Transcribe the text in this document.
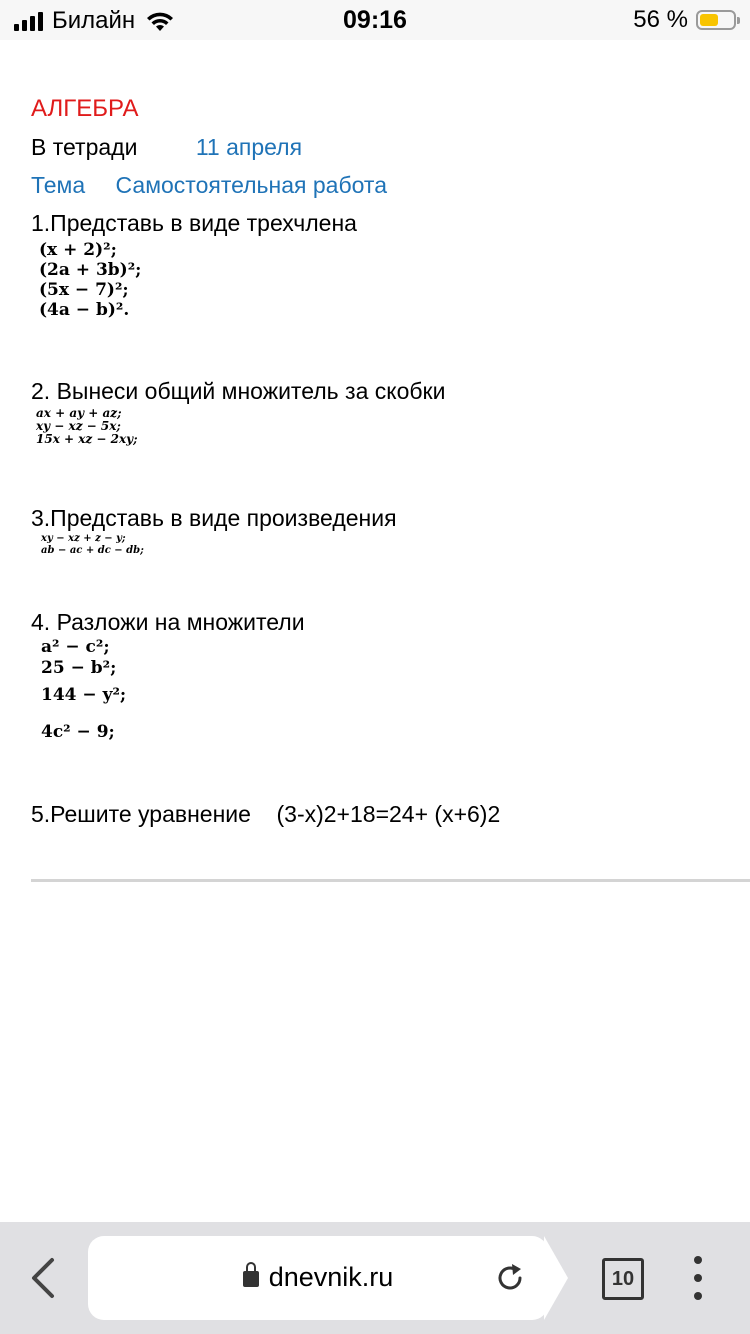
Билайн	09:16	56 %
АЛГЕБРА
В тетради	11 апреля
Тема Самостоятельная работа
1.Представь в виде трехчлена
(x + 2)²;
(2a + 3b)²;
(5x − 7)²;
(4a − b)².
2. Вынеси общий множитель за скобки
ax + ay + az;
xy − xz − 5x;
15x + xz − 2xy;
3.Представь в виде произведения
xy − xz + z − y;
ab − ac + dc − db;
4. Разложи на множители
a² − c²;
25 − b²;
144 − y²;
4c² − 9;
5.Решите уравнение    (3-x)2+18=24+ (x+6)2
dnevnik.ru	10
